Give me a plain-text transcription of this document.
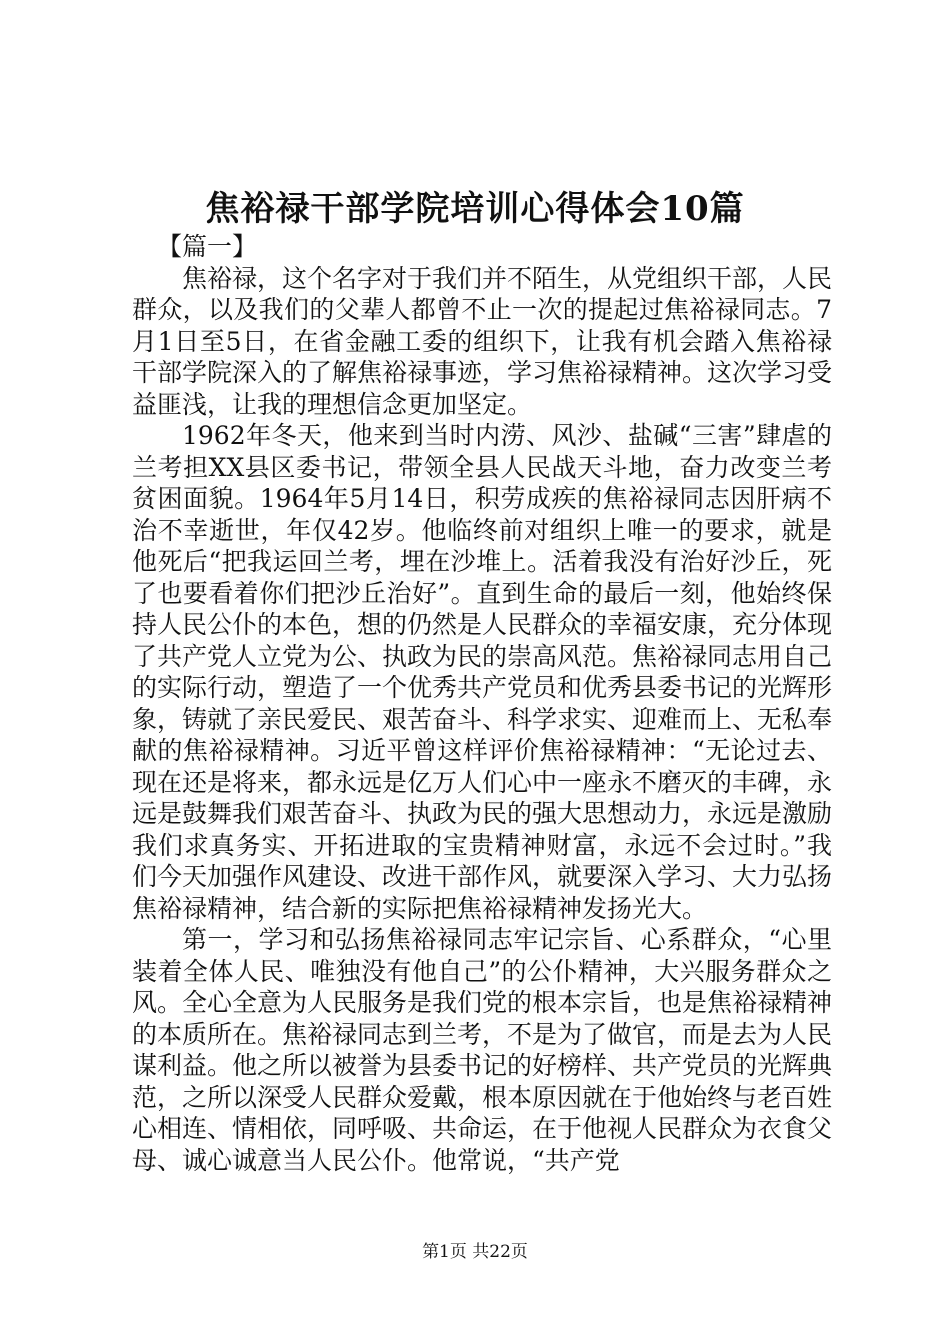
焦裕禄干部学院培训心得体会10篇

【篇一】

焦裕禄，这个名字对于我们并不陌生，从党组织干部，人民群众，以及我们的父辈人都曾不止一次的提起过焦裕禄同志。7月1日至5日，在省金融工委的组织下，让我有机会踏入焦裕禄干部学院深入的了解焦裕禄事迹，学习焦裕禄精神。这次学习受益匪浅，让我的理想信念更加坚定。

1962年冬天，他来到当时内涝、风沙、盐碱“三害”肆虐的兰考担XX县区委书记，带领全县人民战天斗地，奋力改变兰考贫困面貌。1964年5月14日，积劳成疾的焦裕禄同志因肝病不治不幸逝世，年仅42岁。他临终前对组织上唯一的要求，就是他死后“把我运回兰考，埋在沙堆上。活着我没有治好沙丘，死了也要看着你们把沙丘治好”。直到生命的最后一刻，他始终保持人民公仆的本色，想的仍然是人民群众的幸福安康，充分体现了共产党人立党为公、执政为民的崇高风范。焦裕禄同志用自己的实际行动，塑造了一个优秀共产党员和优秀县委书记的光辉形象，铸就了亲民爱民、艰苦奋斗、科学求实、迎难而上、无私奉献的焦裕禄精神。习近平曾这样评价焦裕禄精神：“无论过去、现在还是将来，都永远是亿万人们心中一座永不磨灭的丰碑，永远是鼓舞我们艰苦奋斗、执政为民的强大思想动力，永远是激励我们求真务实、开拓进取的宝贵精神财富，永远不会过时。”我们今天加强作风建设、改进干部作风，就要深入学习、大力弘扬焦裕禄精神，结合新的实际把焦裕禄精神发扬光大。

第一，学习和弘扬焦裕禄同志牢记宗旨、心系群众，“心里装着全体人民、唯独没有他自己”的公仆精神，大兴服务群众之风。全心全意为人民服务是我们党的根本宗旨，也是焦裕禄精神的本质所在。焦裕禄同志到兰考，不是为了做官，而是去为人民谋利益。他之所以被誉为县委书记的好榜样、共产党员的光辉典范，之所以深受人民群众爱戴，根本原因就在于他始终与老百姓心相连、情相依，同呼吸、共命运，在于他视人民群众为衣食父母、诚心诚意当人民公仆。他常说，“共产党

第1页 共22页
